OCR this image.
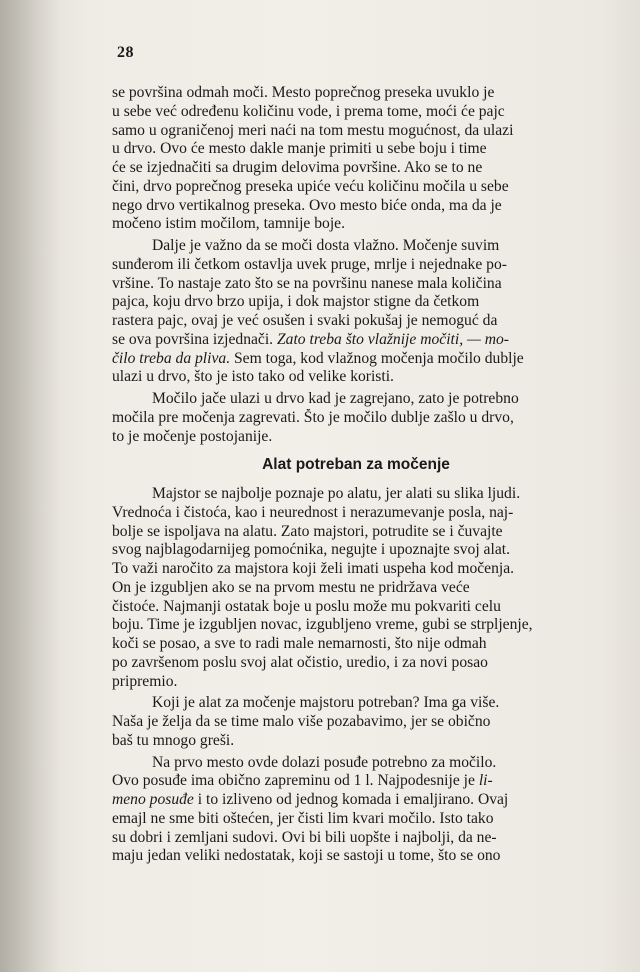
28
se površina odmah moči. Mesto poprečnog preseka uvuklo je
u sebe već određenu količinu vode, i prema tome, moći će pajc
samo u ograničenoj meri naći na tom mestu mogućnost, da ulazi
u drvo. Ovo će mesto dakle manje primiti u sebe boju i time
će se izjednačiti sa drugim delovima površine. Ako se to ne
čini, drvo poprečnog preseka upiće veću količinu močila u sebe
nego drvo vertikalnog preseka. Ovo mesto biće onda, ma da je
močeno istim močilom, tamnije boje.
Dalje je važno da se moči dosta vlažno. Močenje suvim
sunđerom ili četkom ostavlja uvek pruge, mrlje i nejednake po-
vršine. To nastaje zato što se na površinu nanese mala količina
pajca, koju drvo brzo upija, i dok majstor stigne da četkom
rastera pajc, ovaj je već osušen i svaki pokušaj je nemoguć da
se ova površina izjednači. Zato treba što vlažnije močiti, — mo-
čilo treba da pliva. Sem toga, kod vlažnog močenja močilo dublje
ulazi u drvo, što je isto tako od velike koristi.
Močilo jače ulazi u drvo kad je zagrejano, zato je potrebno
močila pre močenja zagrevati. Što je močilo dublje zašlo u drvo,
to je močenje postojanije.
Alat potreban za močenje
Majstor se najbolje poznaje po alatu, jer alati su slika ljudi.
Vrednoća i čistoća, kao i neurednost i nerazumevanje posla, naj-
bolje se ispoljava na alatu. Zato majstori, potrudite se i čuvajte
svog najblagodarnijeg pomoćnika, negujte i upoznajte svoj alat.
To važi naročito za majstora koji želi imati uspeha kod močenja.
On je izgubljen ako se na prvom mestu ne pridržava veće
čistoće. Najmanji ostatak boje u poslu može mu pokvariti celu
boju. Time je izgubljen novac, izgubljeno vreme, gubi se strpljenje,
koči se posao, a sve to radi male nemarnosti, što nije odmah
po završenom poslu svoj alat očistio, uredio, i za novi posao
pripremio.
Koji je alat za močenje majstoru potreban? Ima ga više.
Naša je želja da se time malo više pozabavimo, jer se obično
baš tu mnogo greši.
Na prvo mesto ovde dolazi posuđe potrebno za močilo.
Ovo posuđe ima obično zapreminu od 1 l. Najpodesnije je li-
meno posuđe i to izliveno od jednog komada i emaljirano. Ovaj
emajl ne sme biti oštećen, jer čisti lim kvari močilo. Isto tako
su dobri i zemljani sudovi. Ovi bi bili uopšte i najbolji, da ne-
maju jedan veliki nedostatak, koji se sastoji u tome, što se ono
